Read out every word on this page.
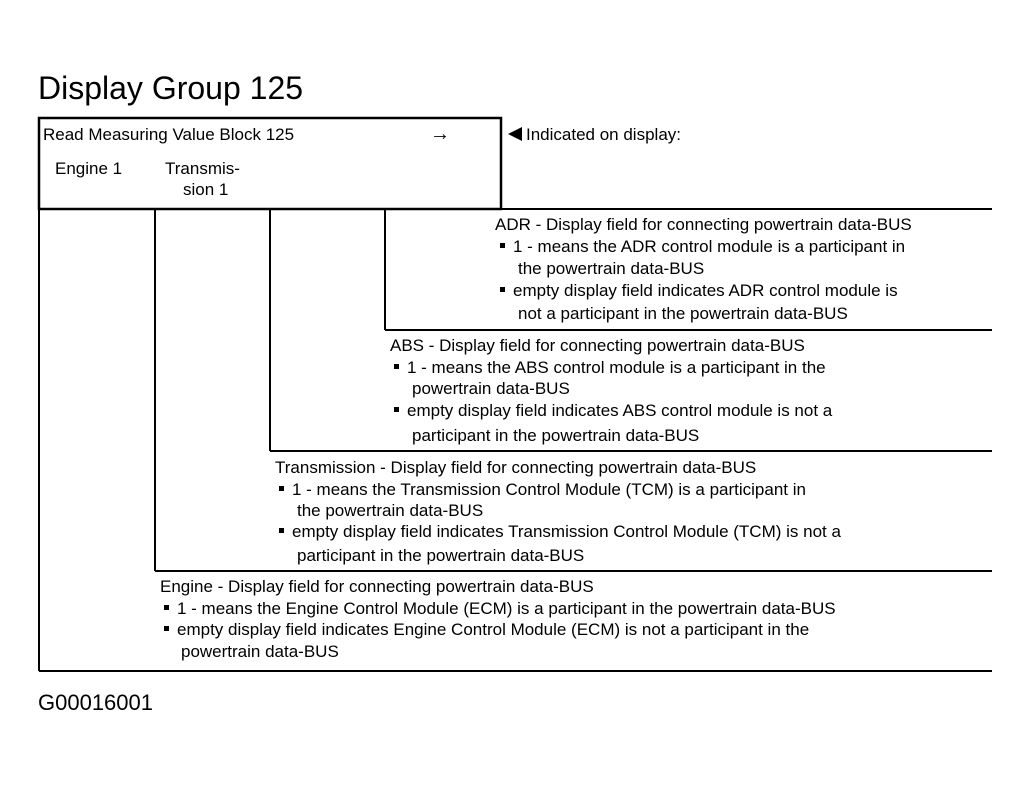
Display Group 125
Read Measuring Value Block 125	→
Engine 1	Transmis-
sion 1
Indicated on display:
ADR - Display field for connecting powertrain data-BUS
1 - means the ADR control module is a participant in
the powertrain data-BUS
empty display field indicates ADR control module is
not a participant in the powertrain data-BUS
ABS - Display field for connecting powertrain data-BUS
1 - means the ABS control module is a participant in the
powertrain data-BUS
empty display field indicates ABS control module is not a
participant in the powertrain data-BUS
Transmission - Display field for connecting powertrain data-BUS
1 - means the Transmission Control Module (TCM) is a participant in
the powertrain data-BUS
empty display field indicates Transmission Control Module (TCM) is not a
participant in the powertrain data-BUS
Engine - Display field for connecting powertrain data-BUS
1 - means the Engine Control Module (ECM) is a participant in the powertrain data-BUS
empty display field indicates Engine Control Module (ECM) is not a participant in the
powertrain data-BUS
G00016001
